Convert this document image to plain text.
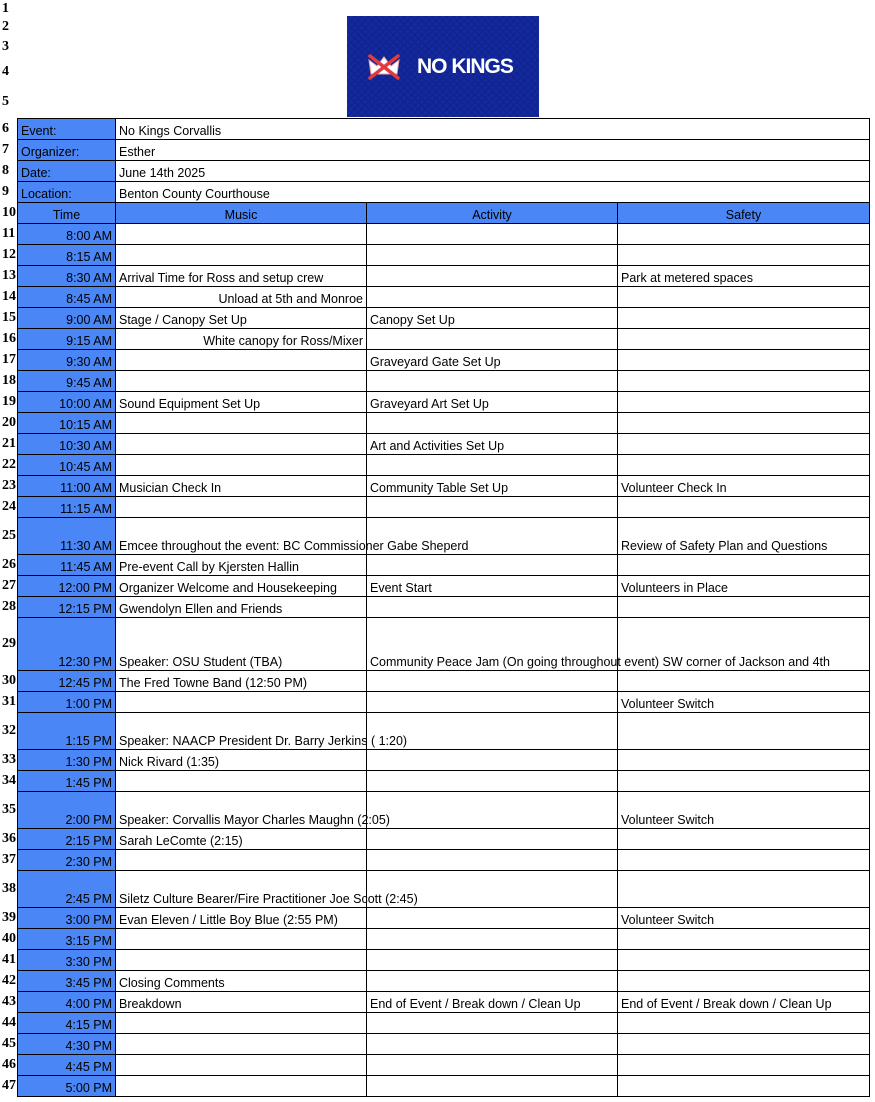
NO KINGS
1
2
3
4
5
6
7
8
9
10
11
12
13
14
15
16
17
18
19
20
21
22
23
24
25
26
27
28
29
30
31
32
33
34
35
36
37
38
39
40
41
42
43
44
45
46
47
Event:	No Kings Corvallis		
Organizer:	Esther		
Date:	June 14th 2025		
Location:	Benton County Courthouse		
Time	Music	Activity	Safety
8:00 AM			
8:15 AM			
8:30 AM	Arrival Time for Ross and setup crew		Park at metered spaces
8:45 AM	Unload at 5th and Monroe		
9:00 AM	Stage / Canopy Set Up	Canopy Set Up	
9:15 AM	White canopy for Ross/Mixer		
9:30 AM		Graveyard Gate Set Up	
9:45 AM			
10:00 AM	Sound Equipment Set Up	Graveyard Art Set Up	
10:15 AM			
10:30 AM		Art and Activities Set Up	
10:45 AM			
11:00 AM	Musician Check In	Community Table Set Up	Volunteer Check In
11:15 AM			
11:30 AM	Emcee throughout the event: BC Commissioner Gabe Sheperd		Review of Safety Plan and Questions
11:45 AM	Pre-event Call by Kjersten Hallin		
12:00 PM	Organizer Welcome and Housekeeping	Event Start	Volunteers in Place
12:15 PM	Gwendolyn Ellen and Friends		
12:30 PM	Speaker: OSU Student (TBA)	Community Peace Jam (On going throughout event) SW corner of Jackson and 4th	
12:45 PM	The Fred Towne Band (12:50 PM)		
1:00 PM			Volunteer Switch
1:15 PM	Speaker: NAACP President Dr. Barry Jerkins ( 1:20)		
1:30 PM	Nick Rivard (1:35)		
1:45 PM			
2:00 PM	Speaker: Corvallis Mayor Charles Maughn (2:05)		Volunteer Switch
2:15 PM	Sarah LeComte (2:15)		
2:30 PM			
2:45 PM	Siletz Culture Bearer/Fire Practitioner Joe Scott (2:45)		
3:00 PM	Evan Eleven / Little Boy Blue (2:55 PM)		Volunteer Switch
3:15 PM			
3:30 PM			
3:45 PM	Closing Comments		
4:00 PM	Breakdown	End of Event / Break down / Clean Up	End of Event / Break down / Clean Up
4:15 PM			
4:30 PM			
4:45 PM			
5:00 PM			
